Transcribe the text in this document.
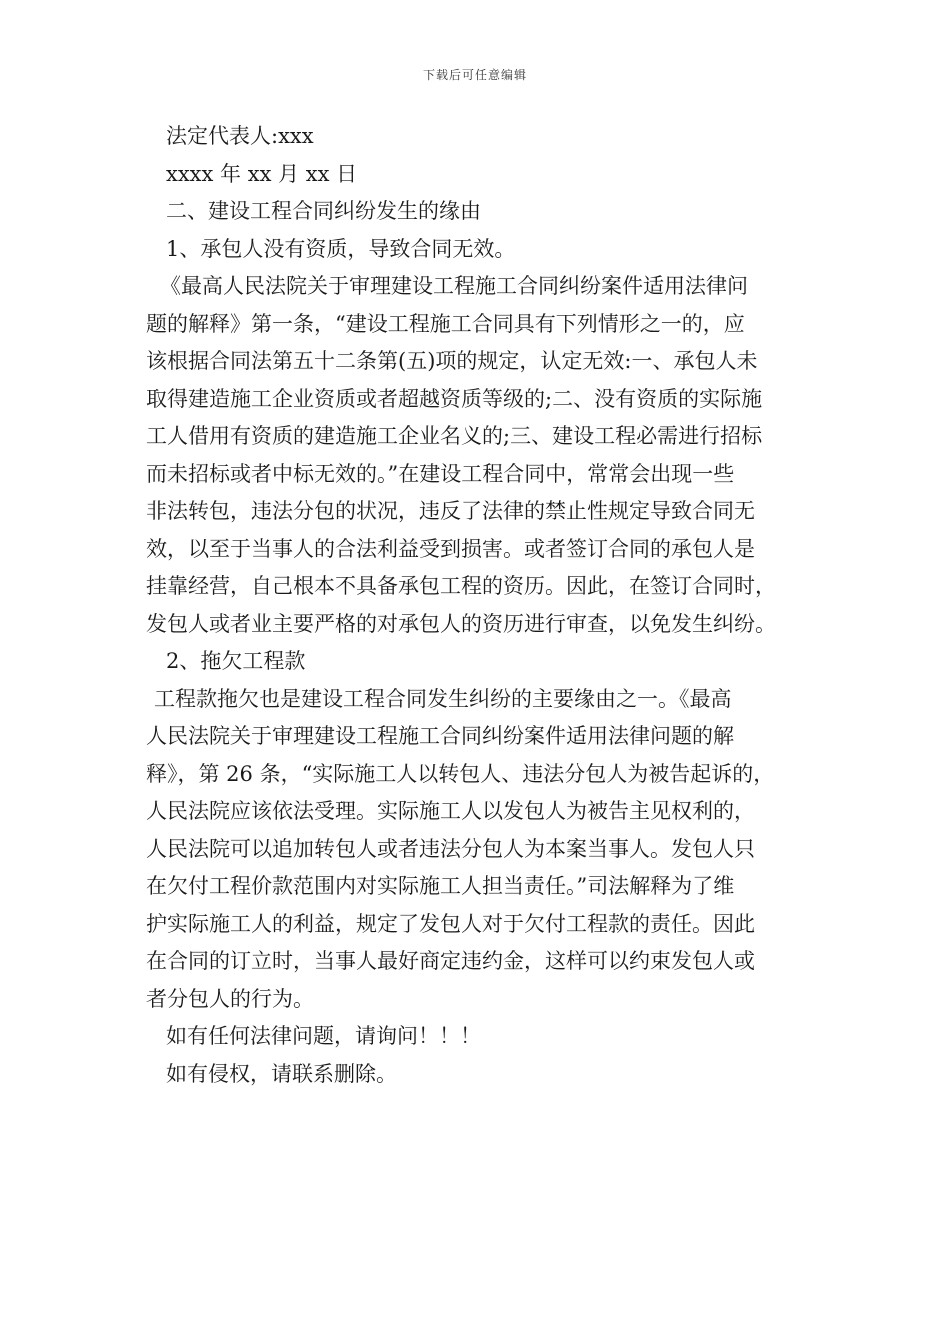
下载后可任意编辑
法定代表人:xxx
xxxx 年 xx 月 xx 日
二、建设工程合同纠纷发生的缘由
1、承包人没有资质，导致合同无效。
《最高人民法院关于审理建设工程施工合同纠纷案件适用法律问
题的解释》第一条，“建设工程施工合同具有下列情形之一的，应
该根据合同法第五十二条第(五)项的规定，认定无效:一、承包人未
取得建造施工企业资质或者超越资质等级的;二、没有资质的实际施
工人借用有资质的建造施工企业名义的;三、建设工程必需进行招标
而未招标或者中标无效的。”在建设工程合同中，常常会出现一些
非法转包，违法分包的状况，违反了法律的禁止性规定导致合同无
效，以至于当事人的合法利益受到损害。或者签订合同的承包人是
挂靠经营，自己根本不具备承包工程的资历。因此，在签订合同时，
发包人或者业主要严格的对承包人的资历进行审查，以免发生纠纷。
2、拖欠工程款
工程款拖欠也是建设工程合同发生纠纷的主要缘由之一。《最高
人民法院关于审理建设工程施工合同纠纷案件适用法律问题的解
释》，第 26 条，“实际施工人以转包人、违法分包人为被告起诉的，
人民法院应该依法受理。实际施工人以发包人为被告主见权利的，
人民法院可以追加转包人或者违法分包人为本案当事人。发包人只
在欠付工程价款范围内对实际施工人担当责任。”司法解释为了维
护实际施工人的利益，规定了发包人对于欠付工程款的责任。因此
在合同的订立时，当事人最好商定违约金，这样可以约束发包人或
者分包人的行为。
如有任何法律问题，请询问！！！
如有侵权，请联系删除。
